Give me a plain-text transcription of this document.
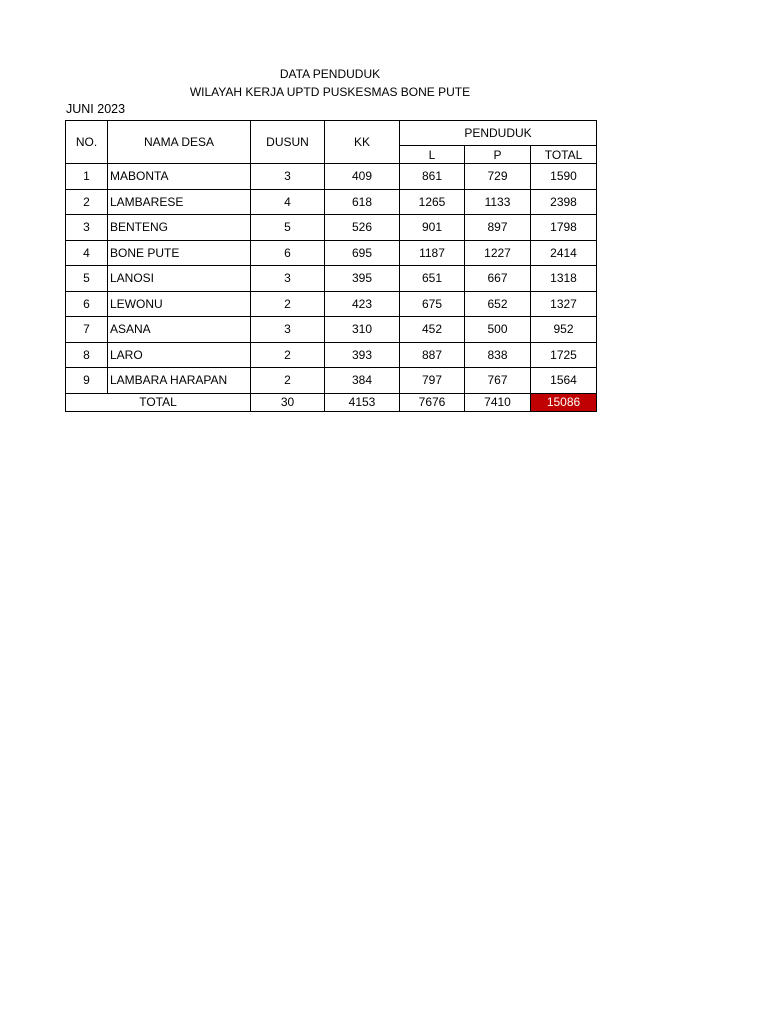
DATA PENDUDUK
WILAYAH KERJA UPTD PUSKESMAS BONE PUTE
JUNI 2023
NO.	NAMA DESA	DUSUN	KK	PENDUDUK		
				L	P	TOTAL
1	MABONTA	3	409	861	729	1590
2	LAMBARESE	4	618	1265	1133	2398
3	BENTENG	5	526	901	897	1798
4	BONE PUTE	6	695	1187	1227	2414
5	LANOSI	3	395	651	667	1318
6	LEWONU	2	423	675	652	1327
7	ASANA	3	310	452	500	952
8	LARO	2	393	887	838	1725
9	LAMBARA HARAPAN	2	384	797	767	1564
TOTAL		30	4153	7676	7410	15086
